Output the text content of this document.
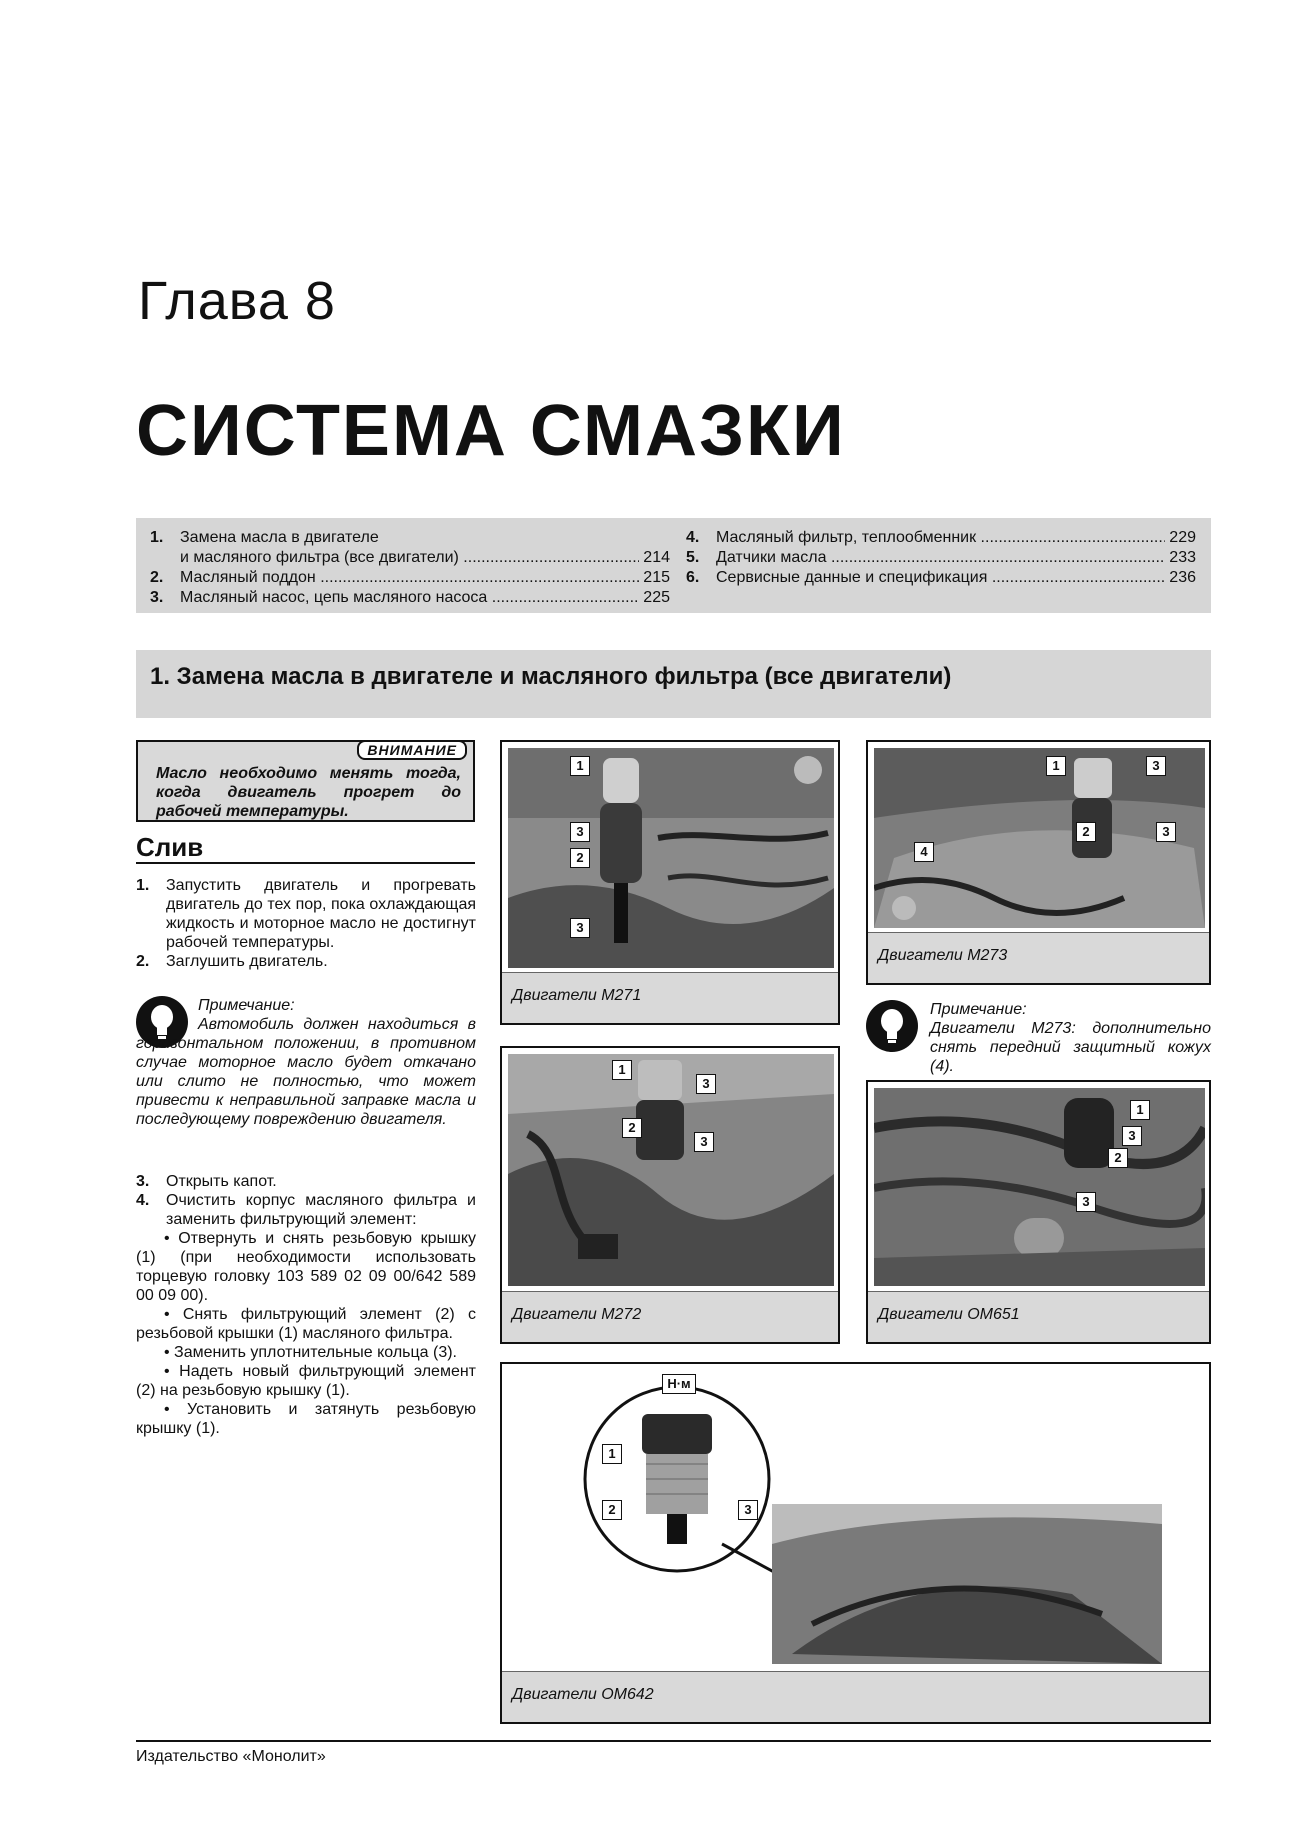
Глава 8
СИСТЕМА СМАЗКИ
1.	Замена масла в двигателе
и масляного фильтра (все двигатели) .....	214
2.	Масляный поддон .....	215
3.	Масляный насос, цепь масляного насоса .....	225
4.	Масляный фильтр, теплообменник .....	229
5.	Датчики масла .....	233
6.	Сервисные данные и спецификация .....	236
1. Замена масла в двигателе и масляного фильтра (все двигатели)
ВНИМАНИЕ
Масло необходимо менять тогда, когда двигатель прогрет до рабочей температуры.
Слив
1.	Запустить двигатель и прогревать двигатель до тех пор, пока охлаждающая жидкость и моторное масло не достигнут рабочей температуры.
2.	Заглушить двигатель.
Примечание:
Автомобиль должен находиться в горизонтальном положении, в противном случае моторное масло будет откачано или слито не полностью, что может привести к неправильной заправке масла и последующему повреждению двигателя.
3.	Открыть капот.
4.	Очистить корпус масляного фильтра и заменить фильтрующий элемент:
• Отвернуть и снять резьбовую крышку (1) (при необходимости использовать торцевую головку 103 589 02 09 00/642 589 00 09 00).
• Снять фильтрующий элемент (2) с резьбовой крышки (1) масляного фильтра.
• Заменить уплотнительные кольца (3).
• Надеть новый фильтрующий элемент (2) на резьбовую крышку (1).
• Установить и затянуть резьбовую крышку (1).
1
3
2
3
Двигатели M271
1	3
2	3
4
Двигатели M273
Примечание:
Двигатели M273: дополнительно снять передний защитный кожух (4).
1
3
2
3
Двигатели M272
1
3
2
3
Двигатели OM651
Н·м
1
2	3
Двигатели OM642
Издательство «Монолит»
